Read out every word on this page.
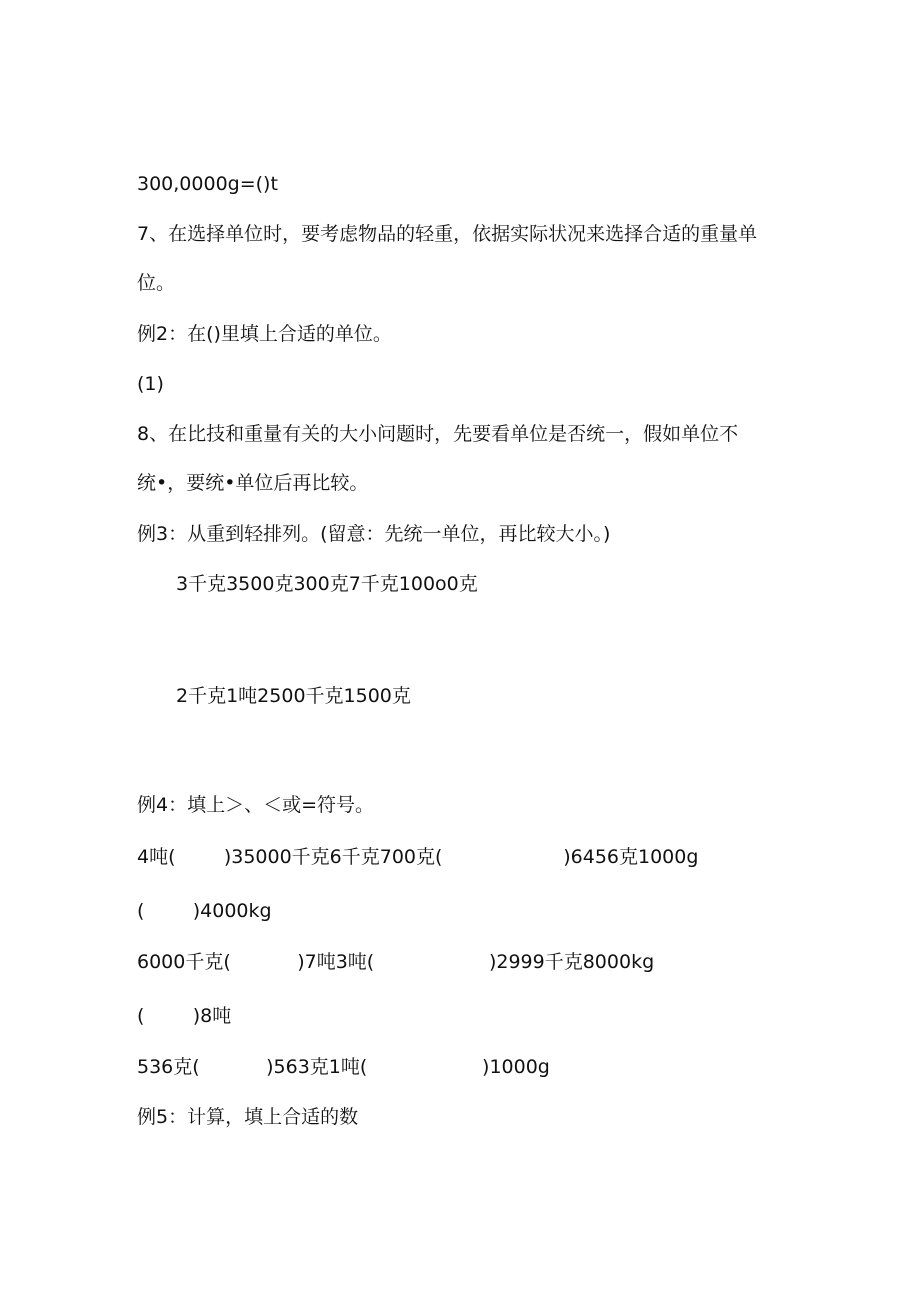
300,0000g=()t

7、在选择单位时，要考虑物品的轻重，依据实际状况来选择合适的重量单

位。

例2：在()里填上合适的单位。

(1)

8、在比技和重量有关的大小问题时，先要看单位是否统一，假如单位不

统•，要统•单位后再比较。

例3：从重到轻排列。(留意：先统一单位，再比较大小。)

3千克3500克300克7千克100o0克

2千克1吨2500千克1500克

例4：填上＞、＜或=符号。

4吨(        )35000千克6千克700克(                    )6456克1000g

(        )4000kg

6000千克(           )7吨3吨(                   )2999千克8000kg

(        )8吨

536克(           )563克1吨(                   )1000g

例5：计算，填上合适的数
